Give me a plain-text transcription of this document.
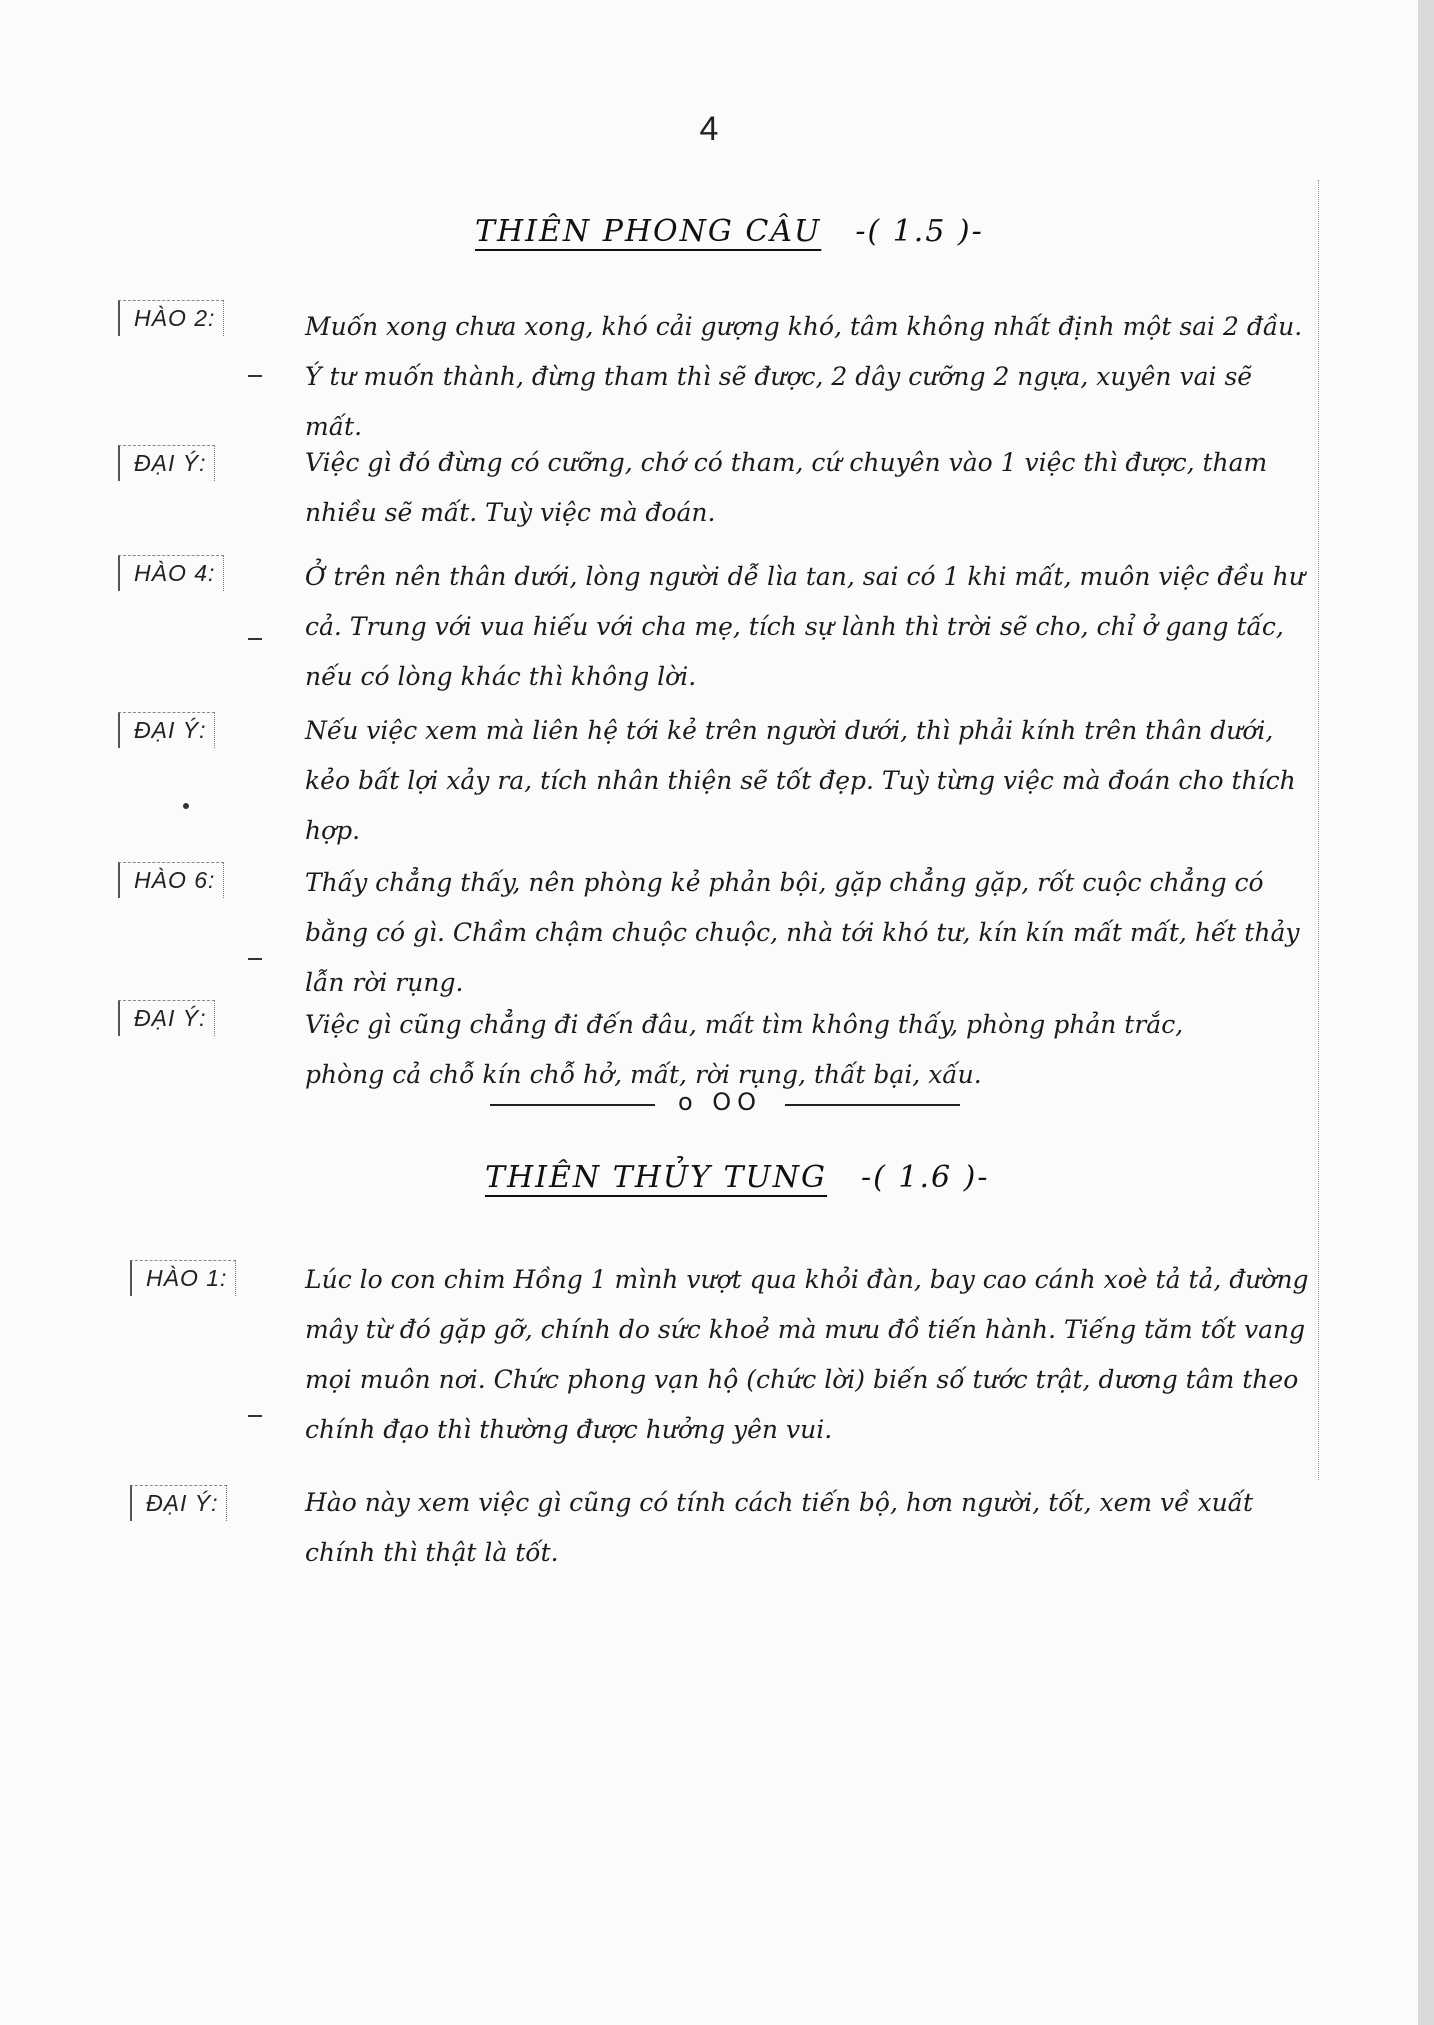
4
THIÊN PHONG CÂU -( 1.5 )-
HÀO 2:	Muốn xong chưa xong, khó cải gượng khó, tâm không nhất định một sai 2 đầu. Ý tư muốn thành, đừng tham thì sẽ được, 2 dây cưỡng 2 ngựa, xuyên vai sẽ mất.
ĐẠI Ý:	Việc gì đó đừng có cưỡng, chớ có tham, cứ chuyên vào 1 việc thì được, tham nhiều sẽ mất. Tuỳ việc mà đoán.
HÀO 4:	Ở trên nên thân dưới, lòng người dễ lìa tan, sai có 1 khi mất, muôn việc đều hư cả. Trung với vua hiếu với cha mẹ, tích sự lành thì trời sẽ cho, chỉ ở gang tấc, nếu có lòng khác thì không lời.
ĐẠI Ý:	Nếu việc xem mà liên hệ tới kẻ trên người dưới, thì phải kính trên thân dưới, kẻo bất lợi xảy ra, tích nhân thiện sẽ tốt đẹp. Tuỳ từng việc mà đoán cho thích hợp.
HÀO 6:	Thấy chẳng thấy, nên phòng kẻ phản bội, gặp chẳng gặp, rốt cuộc chẳng có bằng có gì. Chầm chậm chuộc chuộc, nhà tới khó tư, kín kín mất mất, hết thảy lẫn rời rụng.
ĐẠI Ý:	Việc gì cũng chẳng đi đến đâu, mất tìm không thấy, phòng phản trắc, phòng cả chỗ kín chỗ hở, mất, rời rụng, thất bại, xấu.
o OO
THIÊN THỦY TUNG -( 1.6 )-
HÀO 1:	Lúc lo con chim Hồng 1 mình vượt qua khỏi đàn, bay cao cánh xoè tả tả, đường mây từ đó gặp gỡ, chính do sức khoẻ mà mưu đồ tiến hành. Tiếng tăm tốt vang mọi muôn nơi. Chức phong vạn hộ (chức lời) biến số tước trật, dương tâm theo chính đạo thì thường được hưởng yên vui.
ĐẠI Ý:	Hào này xem việc gì cũng có tính cách tiến bộ, hơn người, tốt, xem về xuất chính thì thật là tốt.
